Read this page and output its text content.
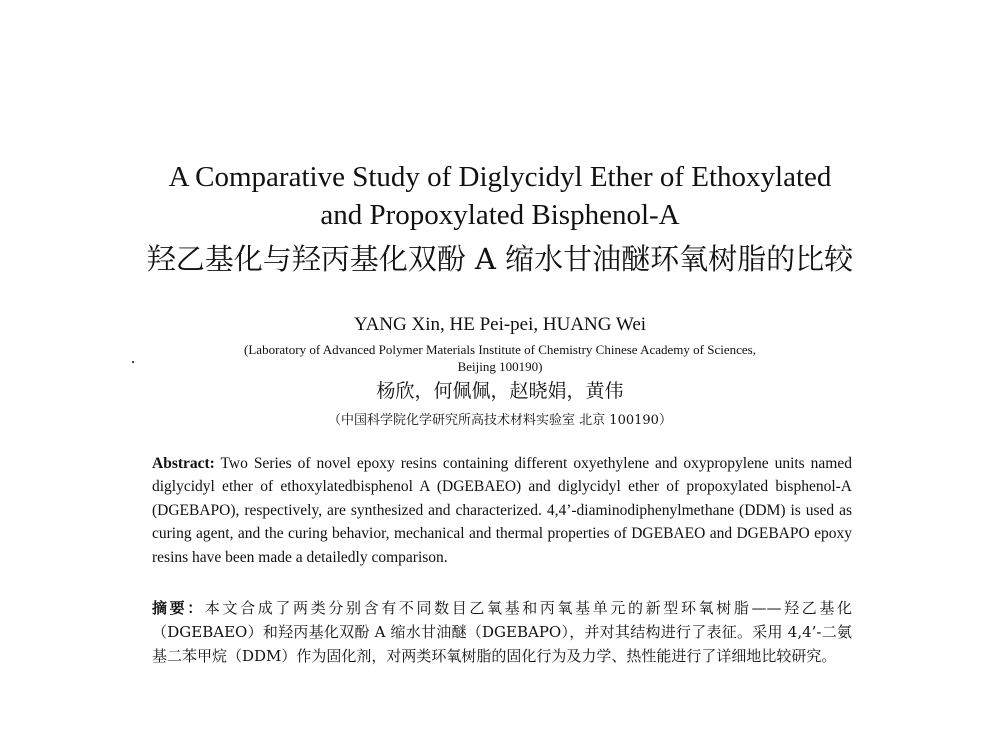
A Comparative Study of Diglycidyl Ether of Ethoxylated
and Propoxylated Bisphenol-A
羟乙基化与羟丙基化双酚 A 缩水甘油醚环氧树脂的比较
YANG Xin, HE Pei-pei, HUANG Wei
(Laboratory of Advanced Polymer Materials Institute of Chemistry Chinese Academy of Sciences,
Beijing 100190)
杨欣，何佩佩，赵晓娟，黄伟
（中国科学院化学研究所高技术材料实验室 北京 100190）

Abstract: Two Series of novel epoxy resins containing different oxyethylene and oxypropylene units named diglycidyl ether of ethoxylatedbisphenol A (DGEBAEO) and diglycidyl ether of propoxylated bisphenol-A (DGEBAPO), respectively, are synthesized and characterized. 4,4’-diaminodiphenylmethane (DDM) is used as curing agent, and the curing behavior, mechanical and thermal properties of DGEBAEO and DGEBAPO epoxy resins have been made a detailedly comparison.

摘要：本文合成了两类分别含有不同数目乙氧基和丙氧基单元的新型环氧树脂——羟乙基化（DGEBAEO）和羟丙基化双酚 A 缩水甘油醚（DGEBAPO），并对其结构进行了表征。采用 4,4’-二氨基二苯甲烷（DDM）作为固化剂，对两类环氧树脂的固化行为及力学、热性能进行了详细地比较研究。
